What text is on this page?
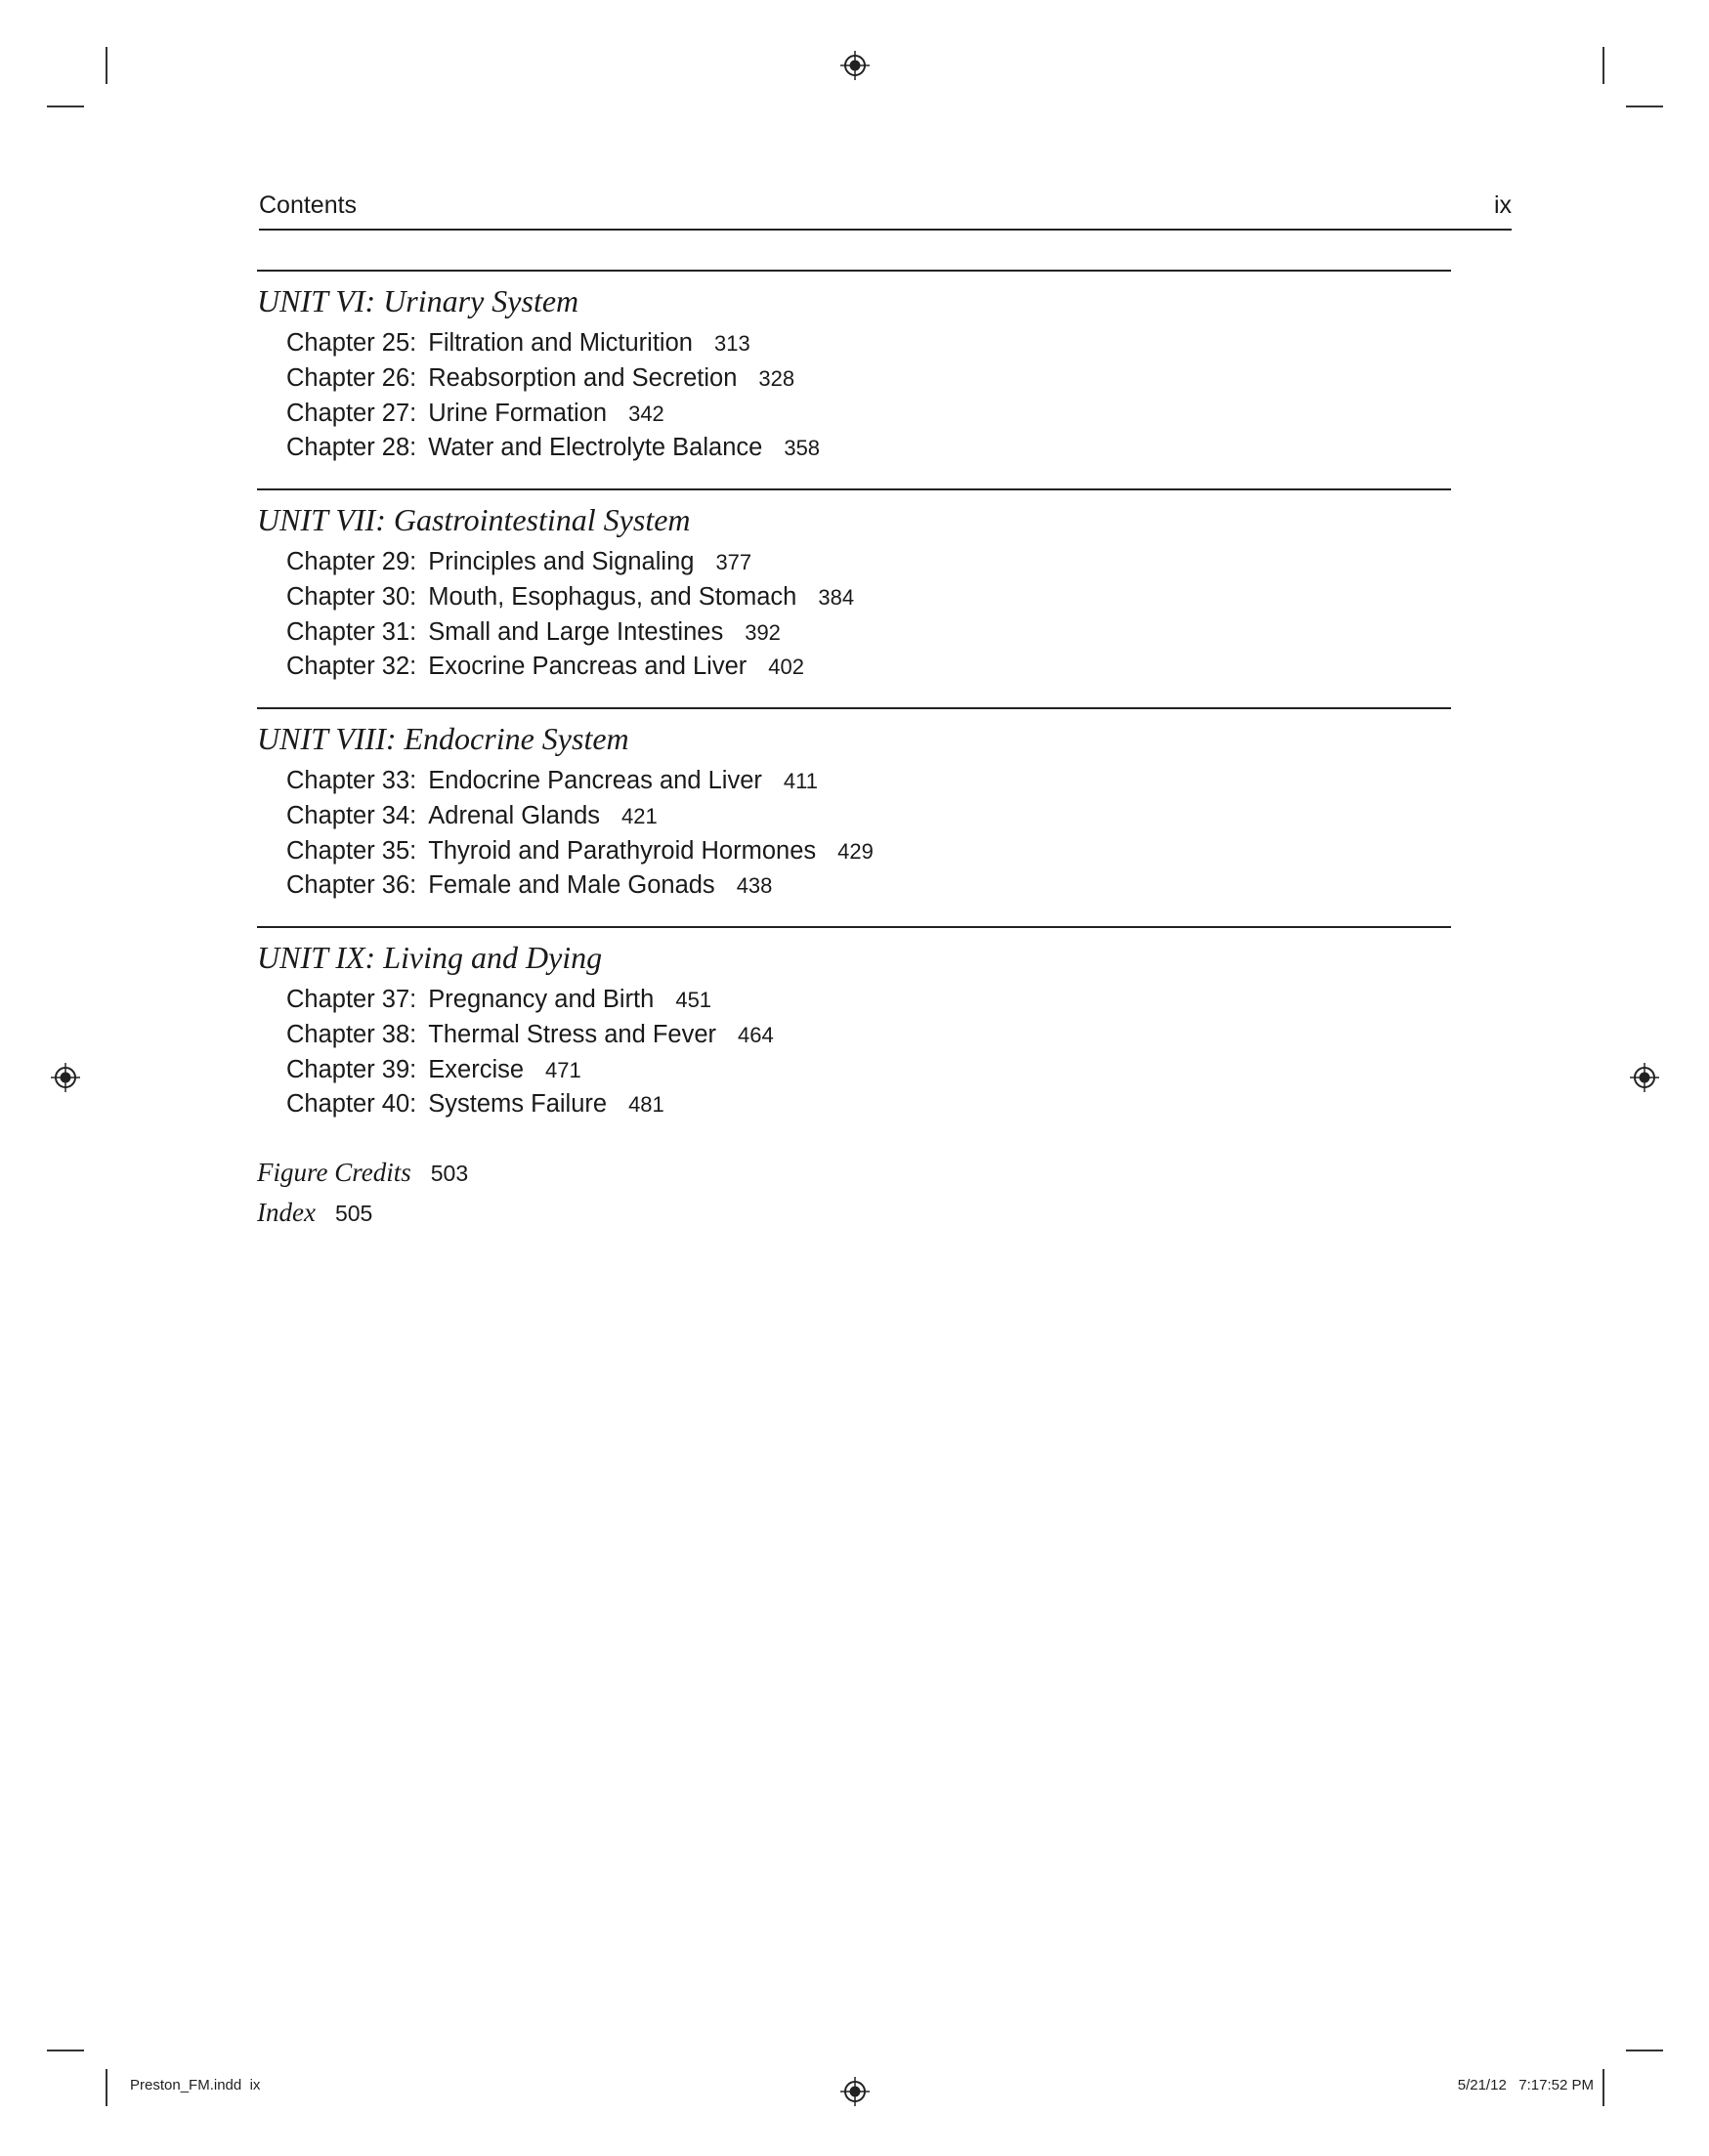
Contents	ix
UNIT VI: Urinary System
Chapter 25: Filtration and Micturition 313
Chapter 26: Reabsorption and Secretion 328
Chapter 27: Urine Formation 342
Chapter 28: Water and Electrolyte Balance 358
UNIT VII: Gastrointestinal System
Chapter 29: Principles and Signaling 377
Chapter 30: Mouth, Esophagus, and Stomach 384
Chapter 31: Small and Large Intestines 392
Chapter 32: Exocrine Pancreas and Liver 402
UNIT VIII: Endocrine System
Chapter 33: Endocrine Pancreas and Liver 411
Chapter 34: Adrenal Glands 421
Chapter 35: Thyroid and Parathyroid Hormones 429
Chapter 36: Female and Male Gonads 438
UNIT IX: Living and Dying
Chapter 37: Pregnancy and Birth 451
Chapter 38: Thermal Stress and Fever 464
Chapter 39: Exercise 471
Chapter 40: Systems Failure 481
Figure Credits 503
Index 505
Preston_FM.indd ix	5/21/12   7:17:52 PM
